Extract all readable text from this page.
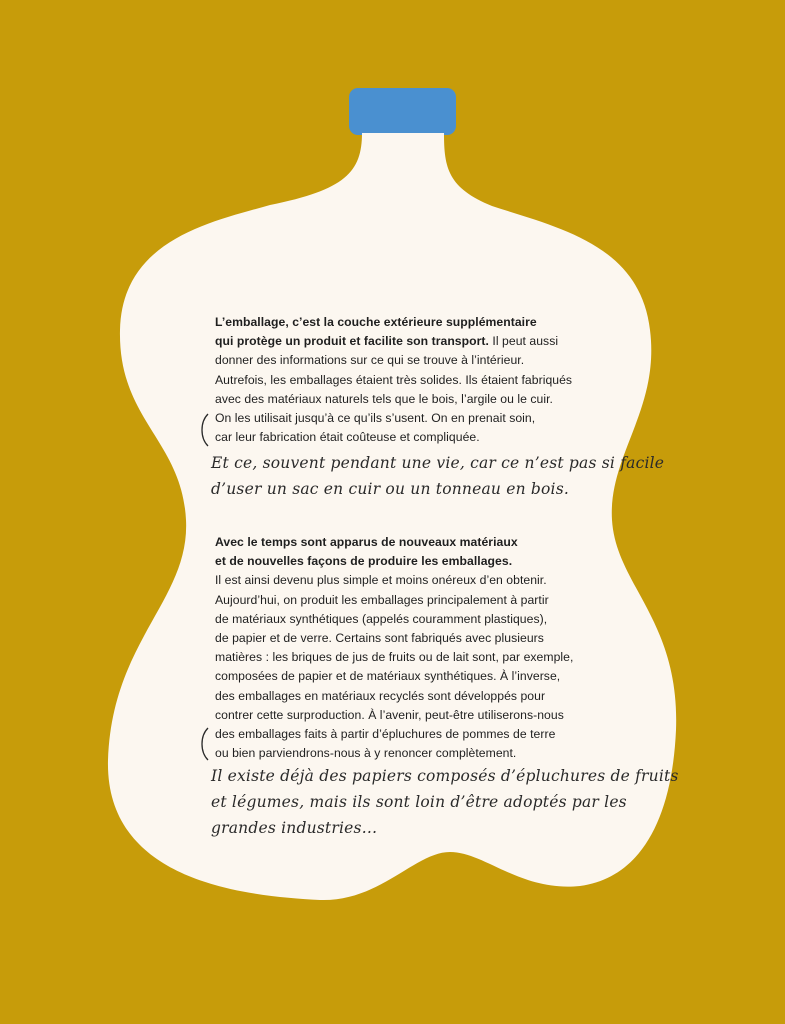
L’emballage, c’est la couche extérieure supplémentaire
qui protège un produit et facilite son transport. Il peut aussi
donner des informations sur ce qui se trouve à l’intérieur.
Autrefois, les emballages étaient très solides. Ils étaient fabriqués
avec des matériaux naturels tels que le bois, l’argile ou le cuir.
On les utilisait jusqu’à ce qu’ils s’usent. On en prenait soin,
car leur fabrication était coûteuse et compliquée.
Et ce, souvent pendant une vie, car ce n’est pas si facile
d’user un sac en cuir ou un tonneau en bois.
Avec le temps sont apparus de nouveaux matériaux
et de nouvelles façons de produire les emballages.
Il est ainsi devenu plus simple et moins onéreux d’en obtenir.
Aujourd’hui, on produit les emballages principalement à partir
de matériaux synthétiques (appelés couramment plastiques),
de papier et de verre. Certains sont fabriqués avec plusieurs
matières : les briques de jus de fruits ou de lait sont, par exemple,
composées de papier et de matériaux synthétiques. À l’inverse,
des emballages en matériaux recyclés sont développés pour
contrer cette surproduction. À l’avenir, peut-être utiliserons-nous
des emballages faits à partir d’épluchures de pommes de terre
ou bien parviendrons-nous à y renoncer complètement.
Il existe déjà des papiers composés d’épluchures de fruits
et légumes, mais ils sont loin d’être adoptés par les
grandes industries…
